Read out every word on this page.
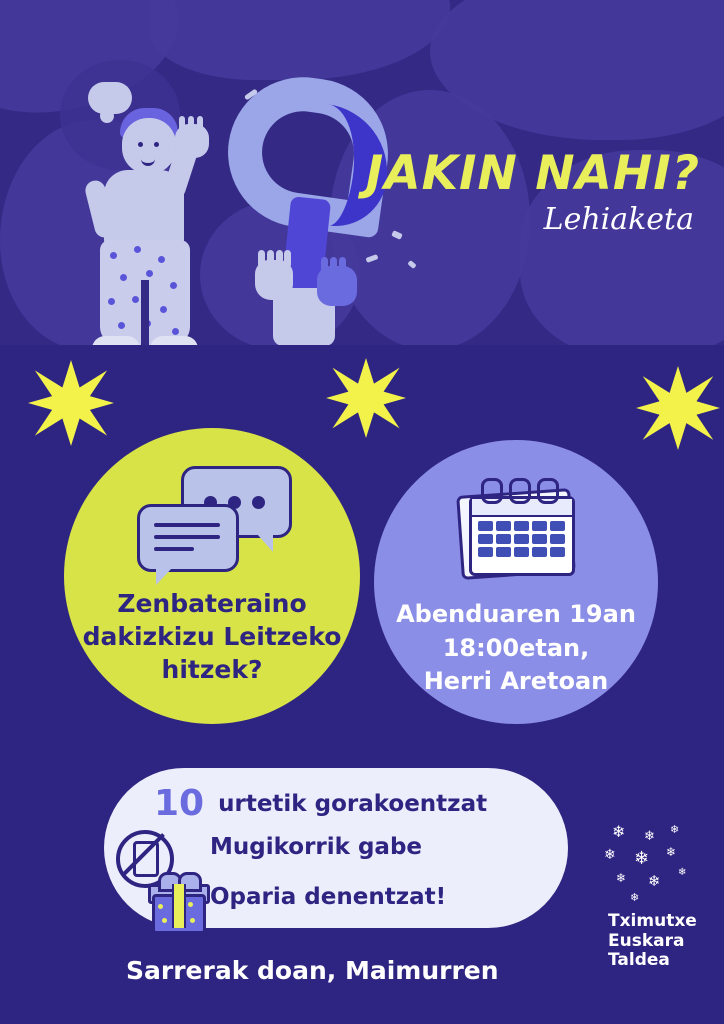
JAKIN NAHI?
Lehiaketa
Zenbateraino dakizkizu Leitzeko hitzek?
Abenduaren 19an
18:00etan,
Herri Aretoan
10 urtetik gorakoentzat
Mugikorrik gabe
Oparia denentzat!
Sarrerak doan, Maimurren
❄ ❄ ❄
❄ ❄ ❄
❄ ❄ ❄
❄
Tximutxe
Euskara
Taldea
